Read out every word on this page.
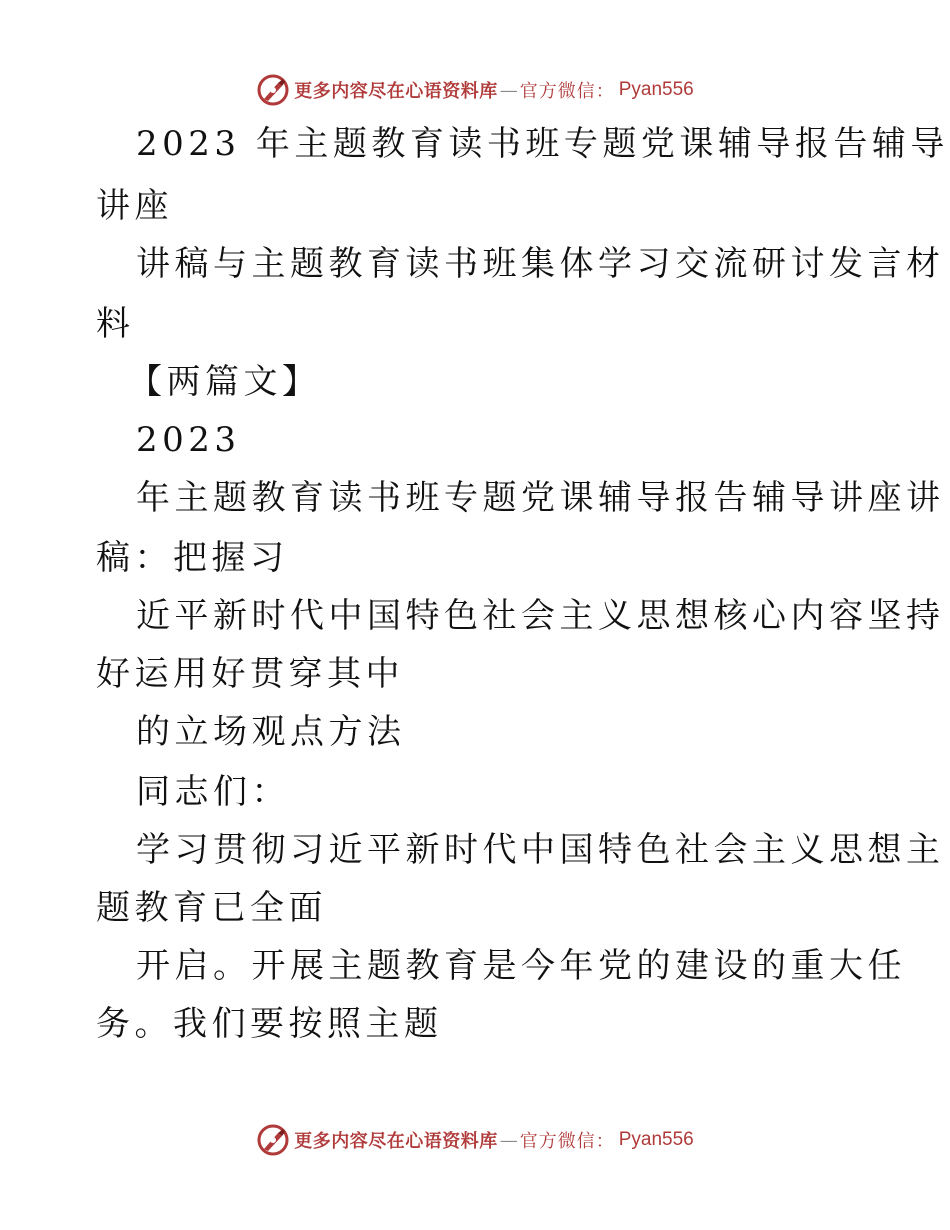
更多内容尽在心语资料库 — 官方微信： Pyan556
2023 年主题教育读书班专题党课辅导报告辅导
讲座
讲稿与主题教育读书班集体学习交流研讨发言材
料
【两篇文】
2023
年主题教育读书班专题党课辅导报告辅导讲座讲
稿：把握习
近平新时代中国特色社会主义思想核心内容坚持
好运用好贯穿其中
的立场观点方法
同志们：
学习贯彻习近平新时代中国特色社会主义思想主
题教育已全面
开启。开展主题教育是今年党的建设的重大任
务。我们要按照主题
更多内容尽在心语资料库 — 官方微信： Pyan556
